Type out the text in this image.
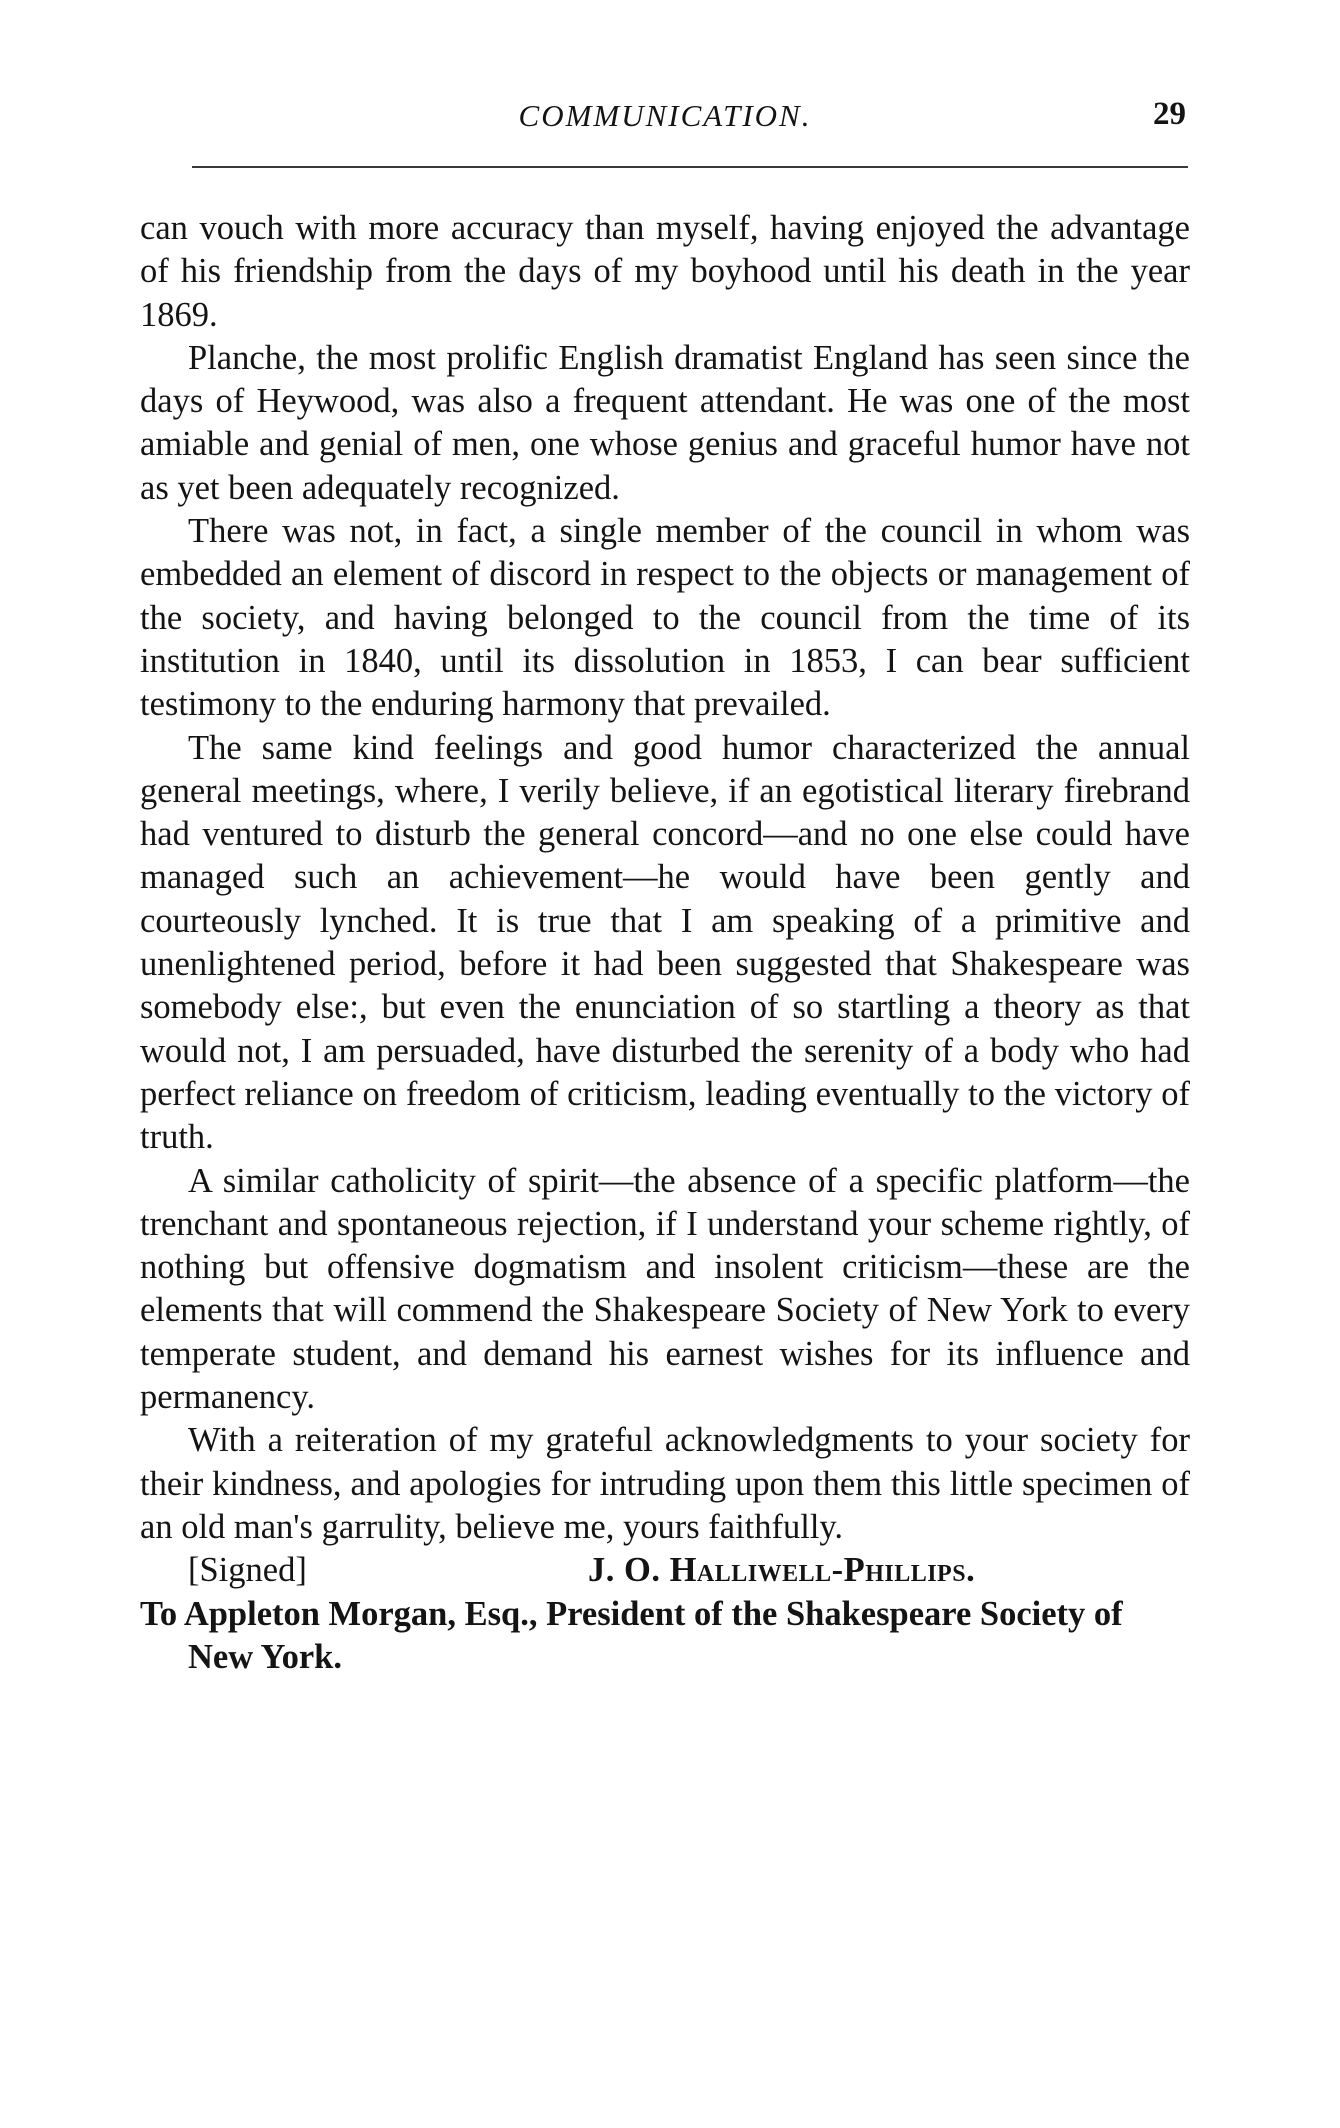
COMMUNICATION.	29

can vouch with more accuracy than myself, having enjoyed the advantage of his friendship from the days of my boyhood until his death in the year 1869.

Planche, the most prolific English dramatist England has seen since the days of Heywood, was also a frequent attendant. He was one of the most amiable and genial of men, one whose genius and graceful humor have not as yet been adequately recognized.

There was not, in fact, a single member of the council in whom was embedded an element of discord in respect to the objects or management of the society, and having belonged to the council from the time of its institution in 1840, until its dissolution in 1853, I can bear sufficient testimony to the enduring harmony that prevailed.

The same kind feelings and good humor characterized the annual general meetings, where, I verily believe, if an egotistical literary firebrand had ventured to disturb the general concord—and no one else could have managed such an achievement—he would have been gently and courteously lynched. It is true that I am speaking of a primitive and unenlightened period, before it had been suggested that Shakespeare was somebody else:, but even the enunciation of so startling a theory as that would not, I am persuaded, have disturbed the serenity of a body who had perfect reliance on freedom of criticism, leading eventually to the victory of truth.

A similar catholicity of spirit—the absence of a specific platform—the trenchant and spontaneous rejection, if I understand your scheme rightly, of nothing but offensive dogmatism and insolent criticism—these are the elements that will commend the Shakespeare Society of New York to every temperate student, and demand his earnest wishes for its influence and permanency.

With a reiteration of my grateful acknowledgments to your society for their kindness, and apologies for intruding upon them this little specimen of an old man's garrulity, believe me, yours faithfully.

[Signed]	J. O. Halliwell-Phillips.

To Appleton Morgan, Esq., President of the Shakespeare Society of New York.
